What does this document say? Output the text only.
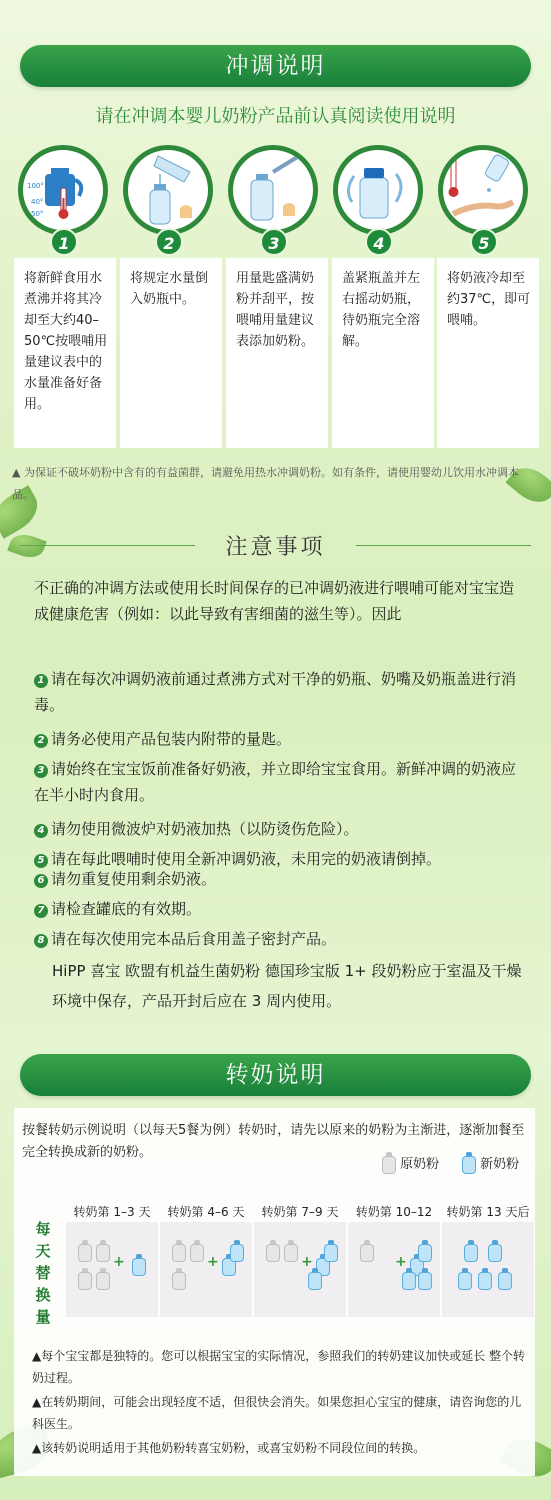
冲调说明
请在冲调本婴儿奶粉产品前认真阅读使用说明
100°
40°
50°
1	2	3	4	5
将新鲜食用水煮沸并将其冷却至大约40–50℃按喂哺用量建议表中的水量准备好备用。
将规定水量倒入奶瓶中。
用量匙盛满奶粉并刮平，按喂哺用量建议表添加奶粉。
盖紧瓶盖并左右摇动奶瓶，待奶瓶完全溶解。
将奶液冷却至约37℃，即可喂哺。
▲ 为保证不破坏奶粉中含有的有益菌群，请避免用热水冲调奶粉。如有条件，请使用婴幼儿饮用水冲调本品。
注意事项
不正确的冲调方法或使用长时间保存的已冲调奶液进行喂哺可能对宝宝造成健康危害（例如：以此导致有害细菌的滋生等）。因此
1 请在每次冲调奶液前通过煮沸方式对干净的奶瓶、奶嘴及奶瓶盖进行消毒。
2 请务必使用产品包装内附带的量匙。
3 请始终在宝宝饭前准备好奶液，并立即给宝宝食用。新鲜冲调的奶液应在半小时内食用。
4 请勿使用微波炉对奶液加热（以防烫伤危险）。
5 请在每此喂哺时使用全新冲调奶液，未用完的奶液请倒掉。
6 请勿重复使用剩余奶液。
7 请检查罐底的有效期。
8 请在每次使用完本品后食用盖子密封产品。
HiPP 喜宝 欧盟有机益生菌奶粉 德国珍宝版 1+ 段奶粉应于室温及干燥环境中保存，产品开封后应在 3 周内使用。
转奶说明
按餐转奶示例说明（以每天5餐为例）转奶时，请先以原来的奶粉为主渐进，逐渐加餐至完全转换成新的奶粉。
原奶粉	新奶粉
每天替换量
转奶第 1–3 天	转奶第 4–6 天	转奶第 7–9 天	转奶第 10–12	转奶第 13 天后
+	+	+	+
▲每个宝宝都是独特的。您可以根据宝宝的实际情况，参照我们的转奶建议加快或延长 整个转奶过程。
▲在转奶期间，可能会出现轻度不适，但很快会消失。如果您担心宝宝的健康，请咨询您的儿科医生。
▲该转奶说明适用于其他奶粉转喜宝奶粉，或喜宝奶粉不同段位间的转换。
